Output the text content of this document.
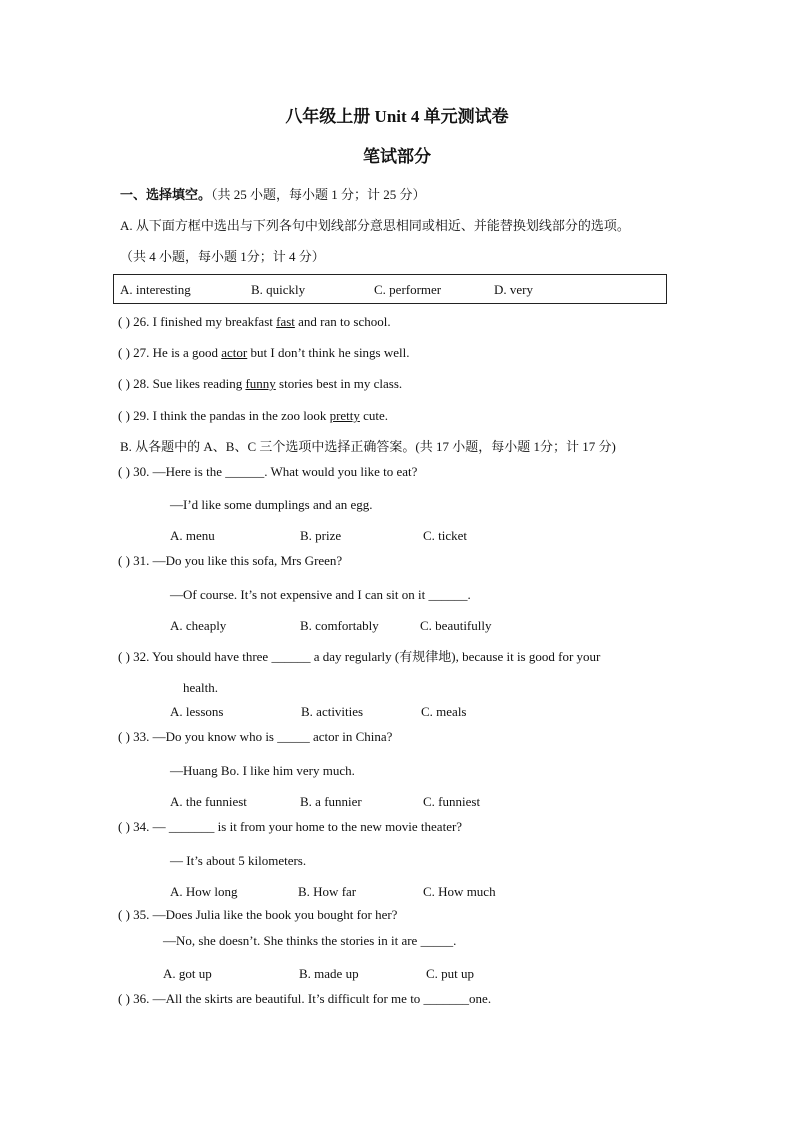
八年级上册 Unit 4 单元测试卷
笔试部分
一、选择填空。（共 25 小题，每小题 1 分；计 25 分）
A. 从下面方框中选出与下列各句中划线部分意思相同或相近、并能替换划线部分的选项。
（共 4 小题，每小题 1分；计 4 分）
A. interesting	B. quickly	C. performer	D. very
( ) 26. I finished my breakfast fast and ran to school.
( ) 27. He is a good actor but I don’t think he sings well.
( ) 28. Sue likes reading funny stories best in my class.
( ) 29. I think the pandas in the zoo look pretty cute.
B. 从各题中的 A、B、C 三个选项中选择正确答案。(共 17 小题，每小题 1分；计 17 分)
( ) 30. —Here is the ______. What would you like to eat?
—I’d like some dumplings and an egg.
A. menu	B. prize	C. ticket
( ) 31. —Do you like this sofa, Mrs Green?
—Of course. It’s not expensive and I can sit on it ______.
A. cheaply	B. comfortably	C. beautifully
( ) 32. You should have three ______ a day regularly (有规律地), because it is good for your
health.
A. lessons	B. activities	C. meals
( ) 33. —Do you know who is _____ actor in China?
—Huang Bo. I like him very much.
A. the funniest	B. a funnier	C. funniest
( ) 34. — _______ is it from your home to the new movie theater?
— It’s about 5 kilometers.
A. How long	B. How far	C. How much
( ) 35. —Does Julia like the book you bought for her?
—No, she doesn’t. She thinks the stories in it are _____.
A. got up	B. made up	C. put up
( ) 36. —All the skirts are beautiful. It’s difficult for me to _______one.
